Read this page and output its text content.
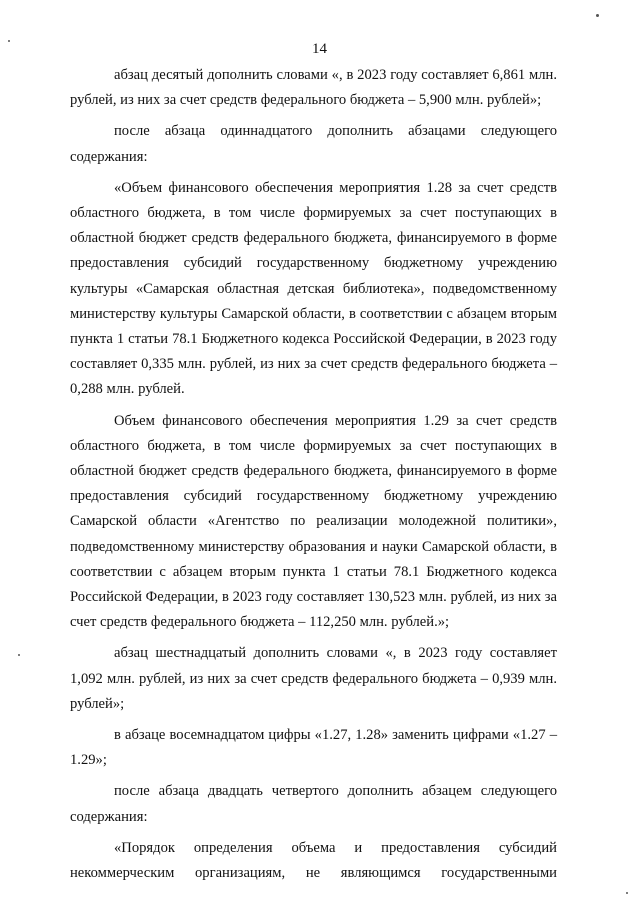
14

абзац десятый дополнить словами «, в 2023 году составляет 6,861 млн. рублей, из них за счет средств федерального бюджета – 5,900 млн. рублей»;

после абзаца одиннадцатого дополнить абзацами следующего содержания:

«Объем финансового обеспечения мероприятия 1.28 за счет средств областного бюджета, в том числе формируемых за счет поступающих в областной бюджет средств федерального бюджета, финансируемого в форме предоставления субсидий государственному бюджетному учреждению культуры «Самарская областная детская библиотека», подведомственному министерству культуры Самарской области, в соответствии с абзацем вторым пункта 1 статьи 78.1 Бюджетного кодекса Российской Федерации, в 2023 году составляет 0,335 млн. рублей, из них за счет средств федерального бюджета – 0,288 млн. рублей.

Объем финансового обеспечения мероприятия 1.29 за счет средств областного бюджета, в том числе формируемых за счет поступающих в областной бюджет средств федерального бюджета, финансируемого в форме предоставления субсидий государственному бюджетному учреждению Самарской области «Агентство по реализации молодежной политики», подведомственному министерству образования и науки Самарской области, в соответствии с абзацем вторым пункта 1 статьи 78.1 Бюджетного кодекса Российской Федерации, в 2023 году составляет 130,523 млн. рублей, из них за счет средств федерального бюджета – 112,250 млн. рублей.»;

абзац шестнадцатый дополнить словами «, в 2023 году составляет 1,092 млн. рублей, из них за счет средств федерального бюджета – 0,939 млн. рублей»;

в абзаце восемнадцатом цифры «1.27, 1.28» заменить цифрами «1.27 – 1.29»;

после абзаца двадцать четвертого дополнить абзацем следующего содержания:

«Порядок определения объема и предоставления субсидий некоммерческим организациям, не являющимся государственными
